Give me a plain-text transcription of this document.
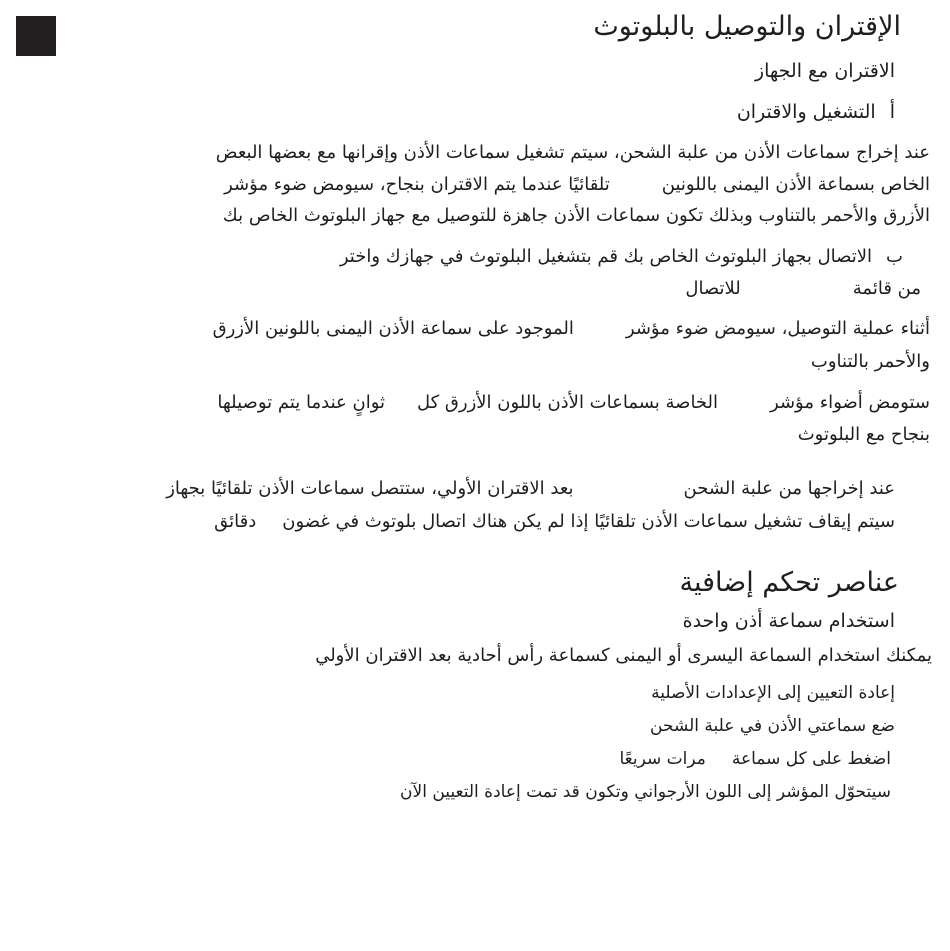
الإقتران والتوصيل بالبلوتوث
الاقتران مع الجهاز
أالتشغيل والاقتران
عند إخراج سماعات الأذن من علبة الشحن، سيتم تشغيل سماعات الأذن وإقرانها مع بعضها البعض
الخاص بسماعة الأذن اليمنى باللونينتلقائيًا عندما يتم الاقتران بنجاح، سيومض ضوء مؤشر
الأزرق والأحمر بالتناوب وبذلك تكون سماعات الأذن جاهزة للتوصيل مع جهاز البلوتوث الخاص بك
بالاتصال بجهاز البلوتوث الخاص بك قم بتشغيل البلوتوث في جهازك واختر
من قائمةللاتصال
أثناء عملية التوصيل، سيومض ضوء مؤشرالموجود على سماعة الأذن اليمنى باللونين الأزرق
والأحمر بالتناوب
ستومض أضواء مؤشرالخاصة بسماعات الأذن باللون الأزرق كلثوانٍ عندما يتم توصيلها
بنجاح مع البلوتوث
عند إخراجها من علبة الشحنبعد الاقتران الأولي، ستتصل سماعات الأذن تلقائيًا بجهاز
سيتم إيقاف تشغيل سماعات الأذن تلقائيًا إذا لم يكن هناك اتصال بلوتوث في غضوندقائق
عناصر تحكم إضافية
استخدام سماعة أذن واحدة
يمكنك استخدام السماعة اليسرى أو اليمنى كسماعة رأس أحادية بعد الاقتران الأولي
إعادة التعيين إلى الإعدادات الأصلية
ضع سماعتي الأذن في علبة الشحن
اضغط على كل سماعةمرات سريعًا
سيتحوّل المؤشر إلى اللون الأرجواني وتكون قد تمت إعادة التعيين الآن
